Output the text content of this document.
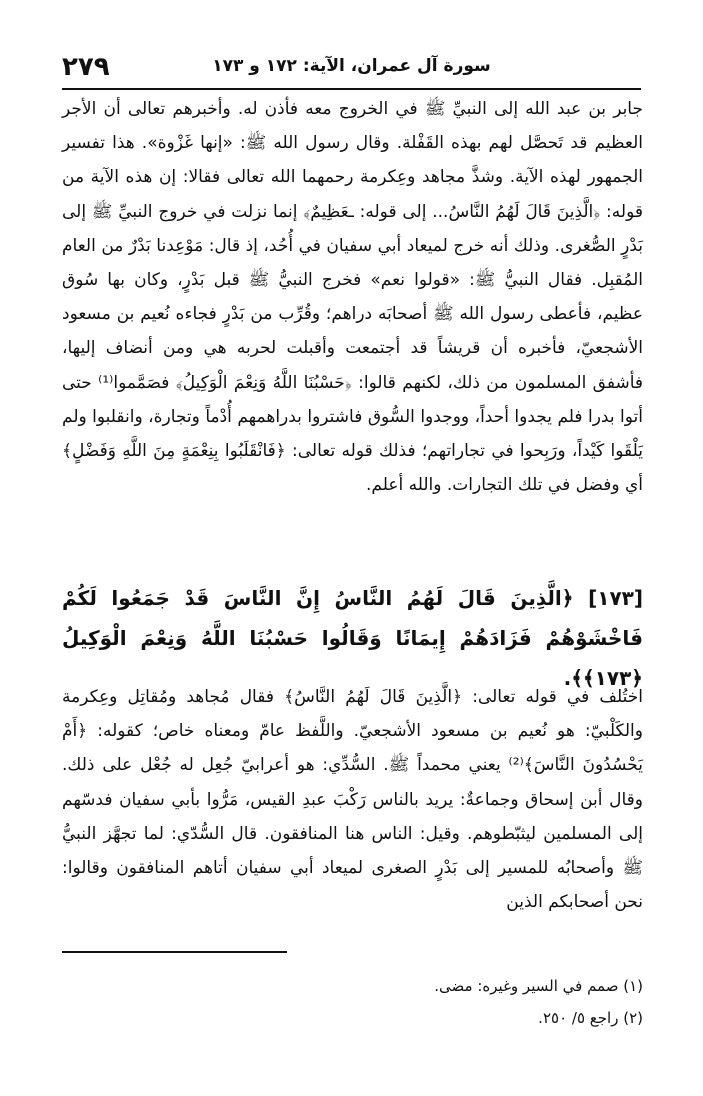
٢٧٩	سورة آل عمران، الآية: ١٧٢ و ١٧٣

جابر بن عبد الله إلى النبيِّ ﷺ في الخروج معه فأذن له. وأخبرهم تعالى أن الأجر العظيم قد تَحصَّل لهم بهذه القَفْلة. وقال رسول الله ﷺ: «إنها غَزْوة». هذا تفسير الجمهور لهذه الآية. وشذَّ مجاهد وعِكرمة رحمهما الله تعالى فقالا: إن هذه الآية من قوله: ﴿الَّذِينَ قَالَ لَهُمُ النَّاسُ... إلى قوله: ـعَظِيمٌ﴾ إنما نزلت في خروج النبيِّ ﷺ إلى بَدْرٍ الصُّغرى. وذلك أنه خرج لميعاد أبي سفيان في أُحُد، إذ قال: مَوْعِدنا بَدْرٌ من العام المُقبِل. فقال النبيُّ ﷺ: «قولوا نعم» فخرج النبيُّ ﷺ قبل بَدْرٍ، وكان بها سُوق عظيم، فأعطى رسول الله ﷺ أصحابَه دراهم؛ وقُرِّب من بَدْرٍ فجاءه نُعيم بن مسعود الأشجعيّ، فأخبره أن قريشاً قد أجتمعت وأقبلت لحربه هي ومن أنضاف إليها، فأشفق المسلمون من ذلك، لكنهم قالوا: ﴿حَسْبُنَا اللَّهُ وَنِعْمَ الْوَكِيلُ﴾ فصَمَّموا⁽¹⁾ حتى أتوا بدرا فلم يجدوا أحداً، ووجدوا السُّوق فاشتروا بدراهمهم أُدْماً وتجارة، وانقلبوا ولم يَلْقَوا كَيْداً، ورَبِحوا في تجاراتهم؛ فذلك قوله تعالى: ﴿فَانْقَلَبُوا بِنِعْمَةٍ مِنَ اللَّهِ وَفَضْلٍ﴾ أي وفضل في تلك التجارات. والله أعلم.

[١٧٣] ﴿الَّذِينَ قَالَ لَهُمُ النَّاسُ إِنَّ النَّاسَ قَدْ جَمَعُوا لَكُمْ فَاخْشَوْهُمْ فَزَادَهُمْ إِيمَانًا وَقَالُوا حَسْبُنَا اللَّهُ وَنِعْمَ الْوَكِيلُ ﴿١٧٣﴾﴾.

اختُلف في قوله تعالى: ﴿الَّذِينَ قَالَ لَهُمُ النَّاسُ﴾ فقال مُجاهد ومُقاتِل وعِكرمة والكَلْبيّ: هو نُعيم بن مسعود الأشجعيّ. واللَّفظ عامّ ومعناه خاص؛ كقوله: ﴿أَمْ يَحْسُدُونَ النَّاسَ﴾⁽²⁾ يعني محمداً ﷺ. السُّدِّي: هو أعرابيّ جُعِل له جُعْل على ذلك. وقال أبن إسحاق وجماعةٌ: يريد بالناس رَكْبَ عبدِ القيس، مَرُّوا بأبي سفيان فدسّهم إلى المسلمين ليثبّطوهم. وقيل: الناس هنا المنافقون. قال السُّدّي: لما تجهَّز النبيُّ ﷺ وأصحابُه للمسير إلى بَدْرٍ الصغرى لميعاد أبي سفيان أتاهم المنافقون وقالوا: نحن أصحابكم الذين

(١) صمم في السير وغيره: مضى.

(٢) راجع ٥/ ٢٥٠.
